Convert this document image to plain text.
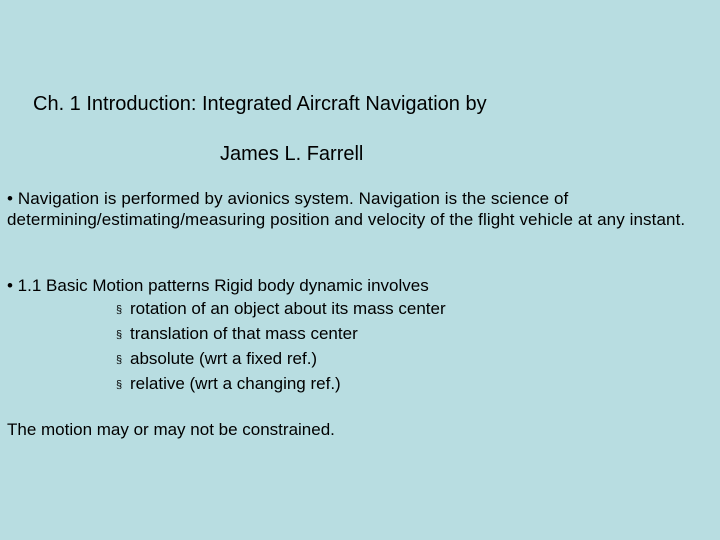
Ch. 1 Introduction: Integrated Aircraft Navigation by
James L. Farrell

• Navigation is performed by avionics system. Navigation is the science of determining/estimating/measuring position and velocity of the flight vehicle at any instant.

• 1.1 Basic Motion patterns Rigid body dynamic involves

§ rotation of an object about its mass center
§ translation of that mass center
§ absolute (wrt a fixed ref.)
§ relative (wrt a changing ref.)

The motion may or may not be constrained.
